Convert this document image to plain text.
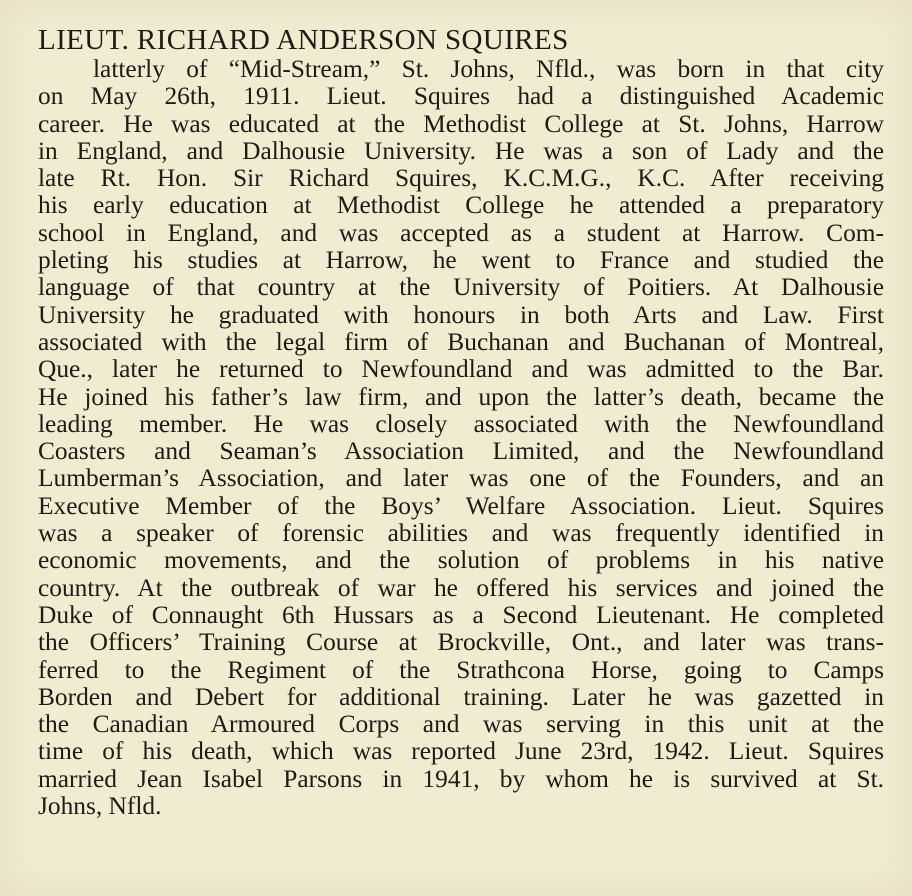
LIEUT. RICHARD ANDERSON SQUIRES
latterly of “Mid-Stream,” St. Johns, Nfld., was born in that city
on May 26th, 1911. Lieut. Squires had a distinguished Academic
career. He was educated at the Methodist College at St. Johns, Harrow
in England, and Dalhousie University. He was a son of Lady and the
late Rt. Hon. Sir Richard Squires, K.C.M.G., K.C. After receiving
his early education at Methodist College he attended a preparatory
school in England, and was accepted as a student at Harrow. Com-
pleting his studies at Harrow, he went to France and studied the
language of that country at the University of Poitiers. At Dalhousie
University he graduated with honours in both Arts and Law. First
associated with the legal firm of Buchanan and Buchanan of Montreal,
Que., later he returned to Newfoundland and was admitted to the Bar.
He joined his father’s law firm, and upon the latter’s death, became the
leading member. He was closely associated with the Newfoundland
Coasters and Seaman’s Association Limited, and the Newfoundland
Lumberman’s Association, and later was one of the Founders, and an
Executive Member of the Boys’ Welfare Association. Lieut. Squires
was a speaker of forensic abilities and was frequently identified in
economic movements, and the solution of problems in his native
country. At the outbreak of war he offered his services and joined the
Duke of Connaught 6th Hussars as a Second Lieutenant. He completed
the Officers’ Training Course at Brockville, Ont., and later was trans-
ferred to the Regiment of the Strathcona Horse, going to Camps
Borden and Debert for additional training. Later he was gazetted in
the Canadian Armoured Corps and was serving in this unit at the
time of his death, which was reported June 23rd, 1942. Lieut. Squires
married Jean Isabel Parsons in 1941, by whom he is survived at St.
Johns, Nfld.
